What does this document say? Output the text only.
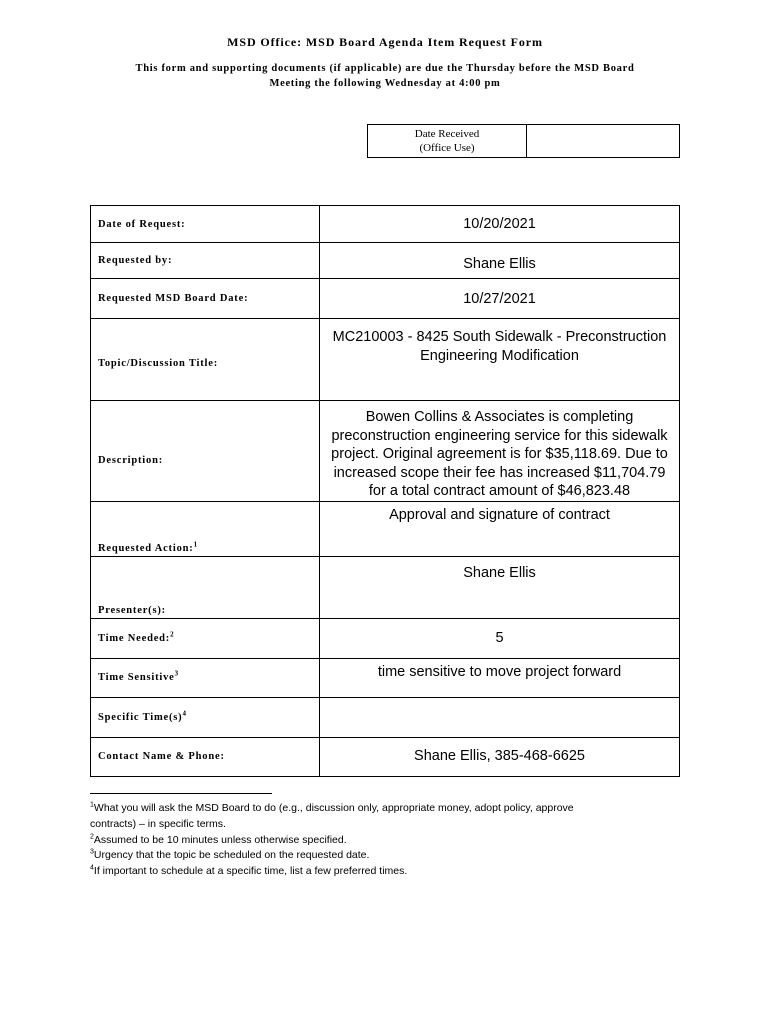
MSD Office: MSD Board Agenda Item Request Form
This form and supporting documents (if applicable) are due the Thursday before the MSD Board
Meeting the following Wednesday at 4:00 pm
Date Received
(Office Use)

Date of Request:	10/20/2021
Requested by:	Shane Ellis
Requested MSD Board Date:	10/27/2021
Topic/Discussion Title:	MC210003 - 8425 South Sidewalk - Preconstruction
Engineering Modification

Description:	Bowen Collins & Associates is completing
preconstruction engineering service for this sidewalk
project. Original agreement is for $35,118.69. Due to
increased scope their fee has increased $11,704.79
for a total contract amount of $46,823.48

Requested Action:$^1$	Approval and signature of contract
Presenter(s):	Shane Ellis
Time Needed:$^2$	5
Time Sensitive$^3$	time sensitive to move project forward
Specific $Time(s)^4$	
Contact Name & Phone:	Shane Ellis, 385-468-6625
$^1$What you will ask the MSD Board to do (e.g., discussion only, appropriate money, adopt policy, approve
contracts) – in specific terms.
$^2$Assumed to be 10 minutes unless otherwise specified.
$^3$Urgency that the topic be scheduled on the requested date.
$^4$If important to schedule at a specific time, list a few preferred times.
